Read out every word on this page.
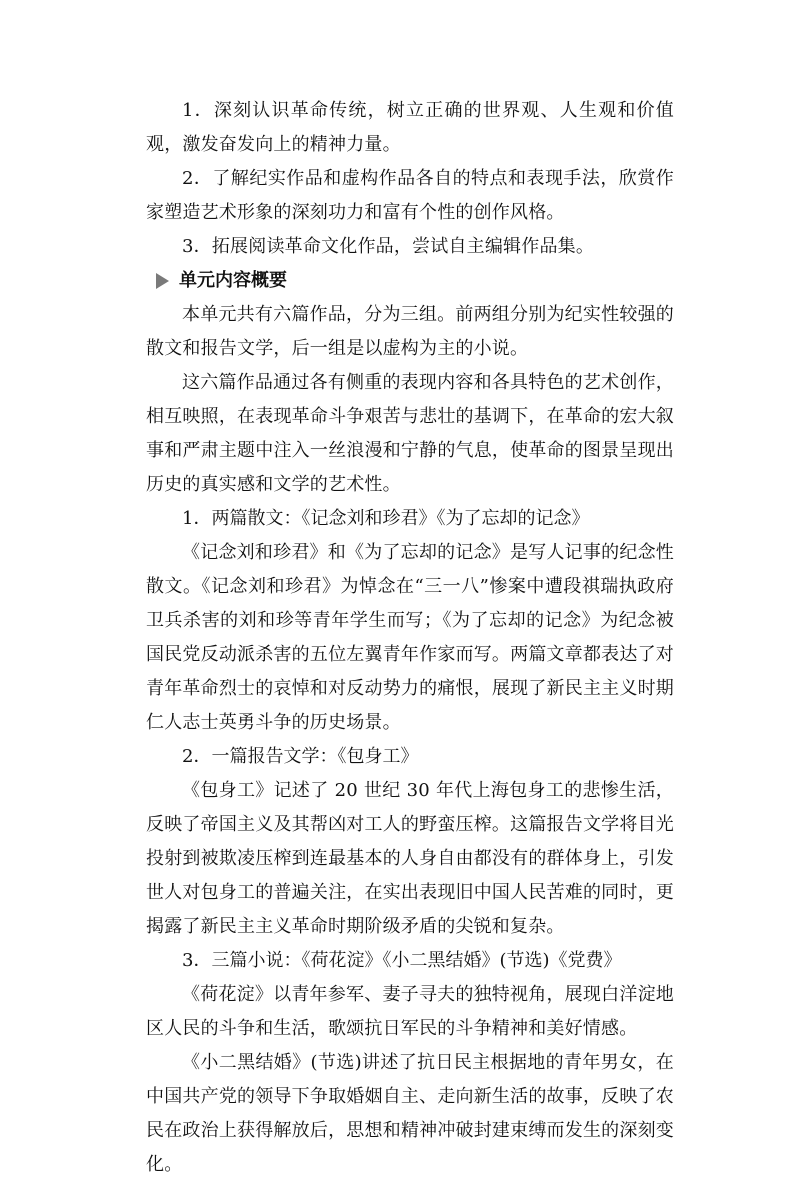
1．深刻认识革命传统，树立正确的世界观、人生观和价值观，激发奋发向上的精神力量。

2．了解纪实作品和虚构作品各自的特点和表现手法，欣赏作家塑造艺术形象的深刻功力和富有个性的创作风格。

3．拓展阅读革命文化作品，尝试自主编辑作品集。

单元内容概要

本单元共有六篇作品，分为三组。前两组分别为纪实性较强的散文和报告文学，后一组是以虚构为主的小说。

这六篇作品通过各有侧重的表现内容和各具特色的艺术创作，相互映照，在表现革命斗争艰苦与悲壮的基调下，在革命的宏大叙事和严肃主题中注入一丝浪漫和宁静的气息，使革命的图景呈现出历史的真实感和文学的艺术性。

1．两篇散文：《记念刘和珍君》《为了忘却的记念》

《记念刘和珍君》和《为了忘却的记念》是写人记事的纪念性散文。《记念刘和珍君》为悼念在“三一八”惨案中遭段祺瑞执政府卫兵杀害的刘和珍等青年学生而写；《为了忘却的记念》为纪念被国民党反动派杀害的五位左翼青年作家而写。两篇文章都表达了对青年革命烈士的哀悼和对反动势力的痛恨，展现了新民主主义时期仁人志士英勇斗争的历史场景。

2．一篇报告文学：《包身工》

《包身工》记述了 20 世纪 30 年代上海包身工的悲惨生活，反映了帝国主义及其帮凶对工人的野蛮压榨。这篇报告文学将目光投射到被欺凌压榨到连最基本的人身自由都没有的群体身上，引发世人对包身工的普遍关注，在实出表现旧中国人民苦难的同时，更揭露了新民主主义革命时期阶级矛盾的尖锐和复杂。

3．三篇小说：《荷花淀》《小二黑结婚》(节选)《党费》

《荷花淀》以青年参军、妻子寻夫的独特视角，展现白洋淀地区人民的斗争和生活，歌颂抗日军民的斗争精神和美好情感。

《小二黑结婚》(节选)讲述了抗日民主根据地的青年男女，在中国共产党的领导下争取婚姻自主、走向新生活的故事，反映了农民在政治上获得解放后，思想和精神冲破封建束缚而发生的深刻变化。
